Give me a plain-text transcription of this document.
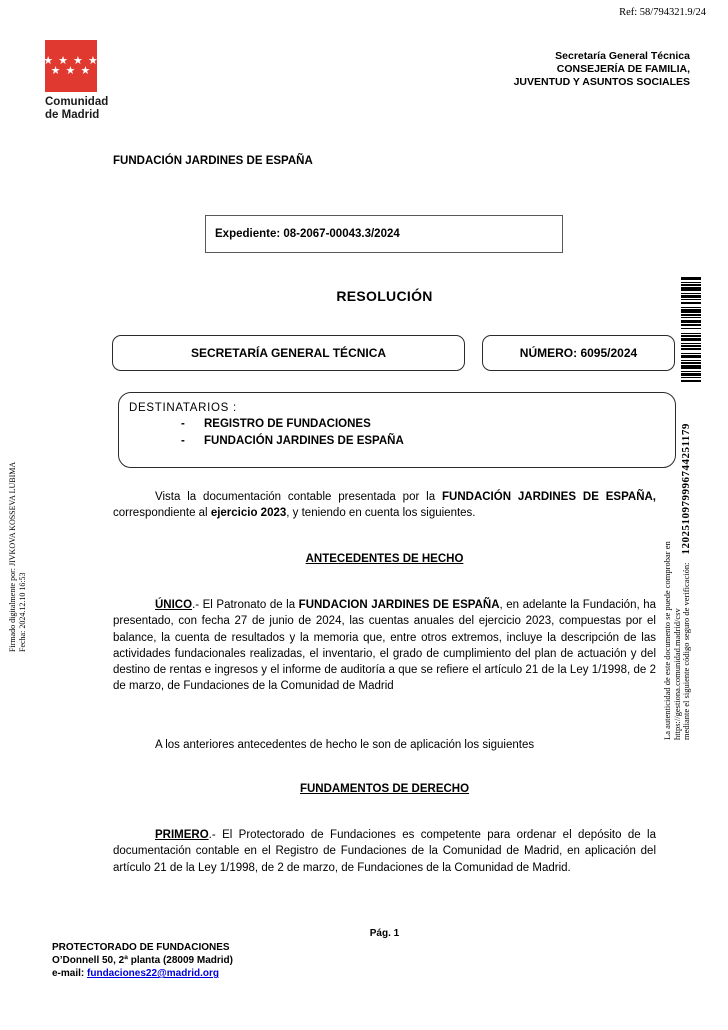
Ref: 58/794321.9/24
★ ★ ★ ★
★ ★ ★
Comunidad
de Madrid
Secretaría General Técnica
CONSEJERÍA DE FAMILIA,
JUVENTUD Y ASUNTOS SOCIALES
FUNDACIÓN JARDINES DE ESPAÑA
Expediente: 08-2067-00043.3/2024
RESOLUCIÓN
SECRETARÍA GENERAL TÉCNICA	NÚMERO: 6095/2024
DESTINATARIOS :
-	REGISTRO DE FUNDACIONES
-	FUNDACIÓN JARDINES DE ESPAÑA

Vista la documentación contable presentada por la FUNDACIÓN JARDINES DE ESPAÑA, correspondiente al ejercicio 2023, y teniendo en cuenta los siguientes.

ANTECEDENTES DE HECHO

ÚNICO.- El Patronato de la FUNDACION JARDINES DE ESPAÑA, en adelante la Fundación, ha presentado, con fecha 27 de junio de 2024, las cuentas anuales del ejercicio 2023, compuestas por el balance, la cuenta de resultados y la memoria que, entre otros extremos, incluye la descripción de las actividades fundacionales realizadas, el inventario, el grado de cumplimiento del plan de actuación y del destino de rentas e ingresos y el informe de auditoría a que se refiere el artículo 21 de la Ley 1/1998, de 2 de marzo, de Fundaciones de la Comunidad de Madrid

A los anteriores antecedentes de hecho le son de aplicación los siguientes

FUNDAMENTOS DE DERECHO

PRIMERO.- El Protectorado de Fundaciones es competente para ordenar el depósito de la documentación contable en el Registro de Fundaciones de la Comunidad de Madrid, en aplicación del artículo 21 de la Ley 1/1998, de 2 de marzo, de Fundaciones de la Comunidad de Madrid.

Pág. 1
PROTECTORADO DE FUNDACIONES
O’Donnell 50, 2ª planta (28009 Madrid)
e-mail: fundaciones22@madrid.org
Firmado digitalmente por: JIVKOVA KOSSEVA LUBIMA Fecha: 2024.12.10 16:53	La autenticidad de este documento se puede comprobar en https://gestiona.comunidad.madrid/csv mediante el siguiente código seguro de verificación:1202510979996744251179
